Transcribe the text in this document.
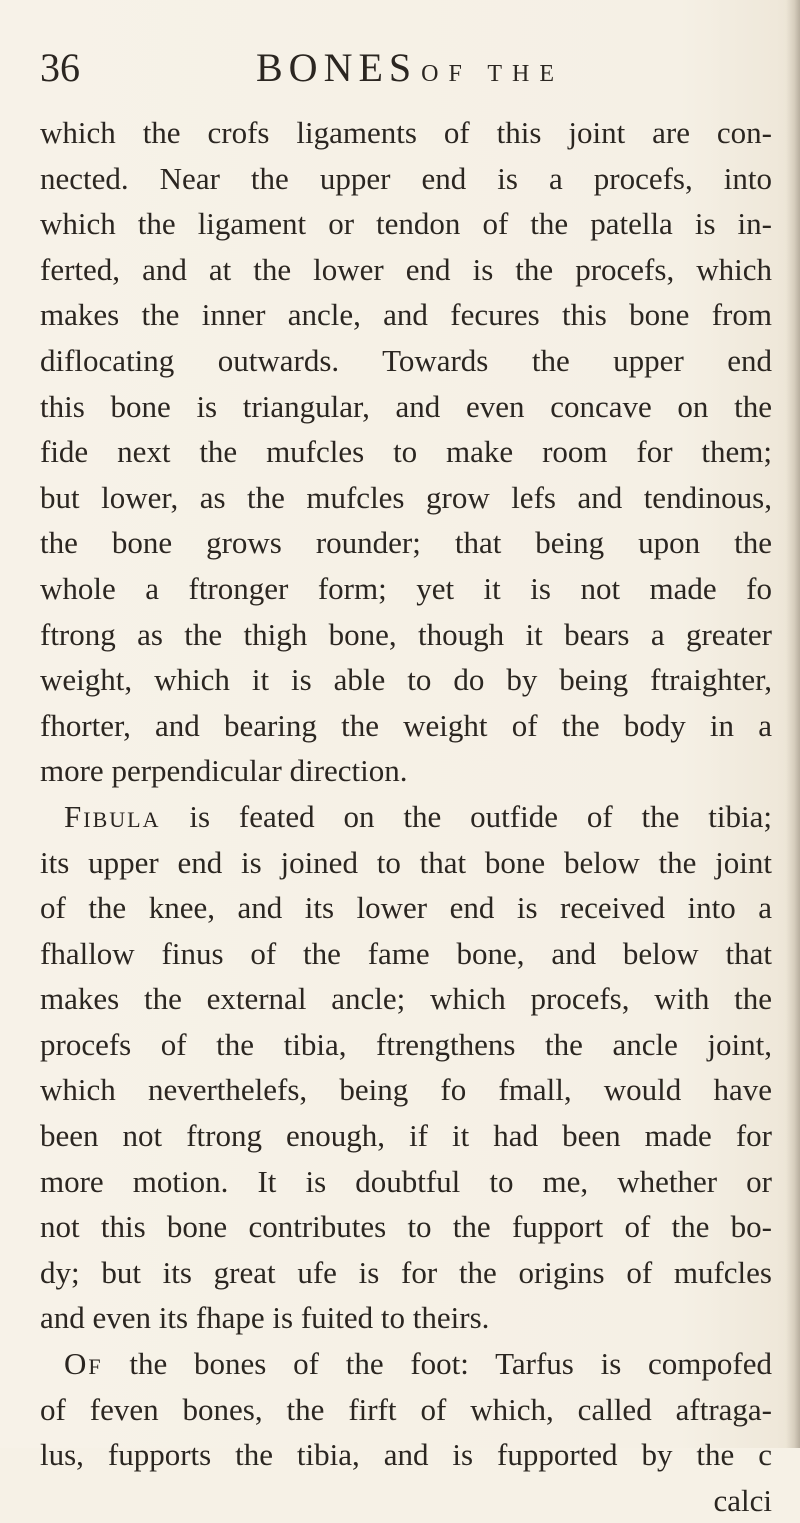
36	BONES OF THE
which the crofs ligaments of this joint are con-
nected. Near the upper end is a procefs, into
which the ligament or tendon of the patella is in-
ferted, and at the lower end is the procefs, which
makes the inner ancle, and fecures this bone from
diflocating outwards. Towards the upper end
this bone is triangular, and even concave on the
fide next the mufcles to make room for them;
but lower, as the mufcles grow lefs and tendinous,
the bone grows rounder; that being upon the
whole a ftronger form; yet it is not made fo
ftrong as the thigh bone, though it bears a greater
weight, which it is able to do by being ftraighter,
fhorter, and bearing the weight of the body in a
more perpendicular direction.
Fibula is feated on the outfide of the tibia;
its upper end is joined to that bone below the joint
of the knee, and its lower end is received into a
fhallow finus of the fame bone, and below that
makes the external ancle; which procefs, with the
procefs of the tibia, ftrengthens the ancle joint,
which neverthelefs, being fo fmall, would have
been not ftrong enough, if it had been made for
more motion. It is doubtful to me, whether or
not this bone contributes to the fupport of the bo-
dy; but its great ufe is for the origins of mufcles
and even its fhape is fuited to theirs.
Of the bones of the foot: Tarfus is compofed
of feven bones, the firft of which, called aftraga-
lus, fupports the tibia, and is fupported by the c
calci
